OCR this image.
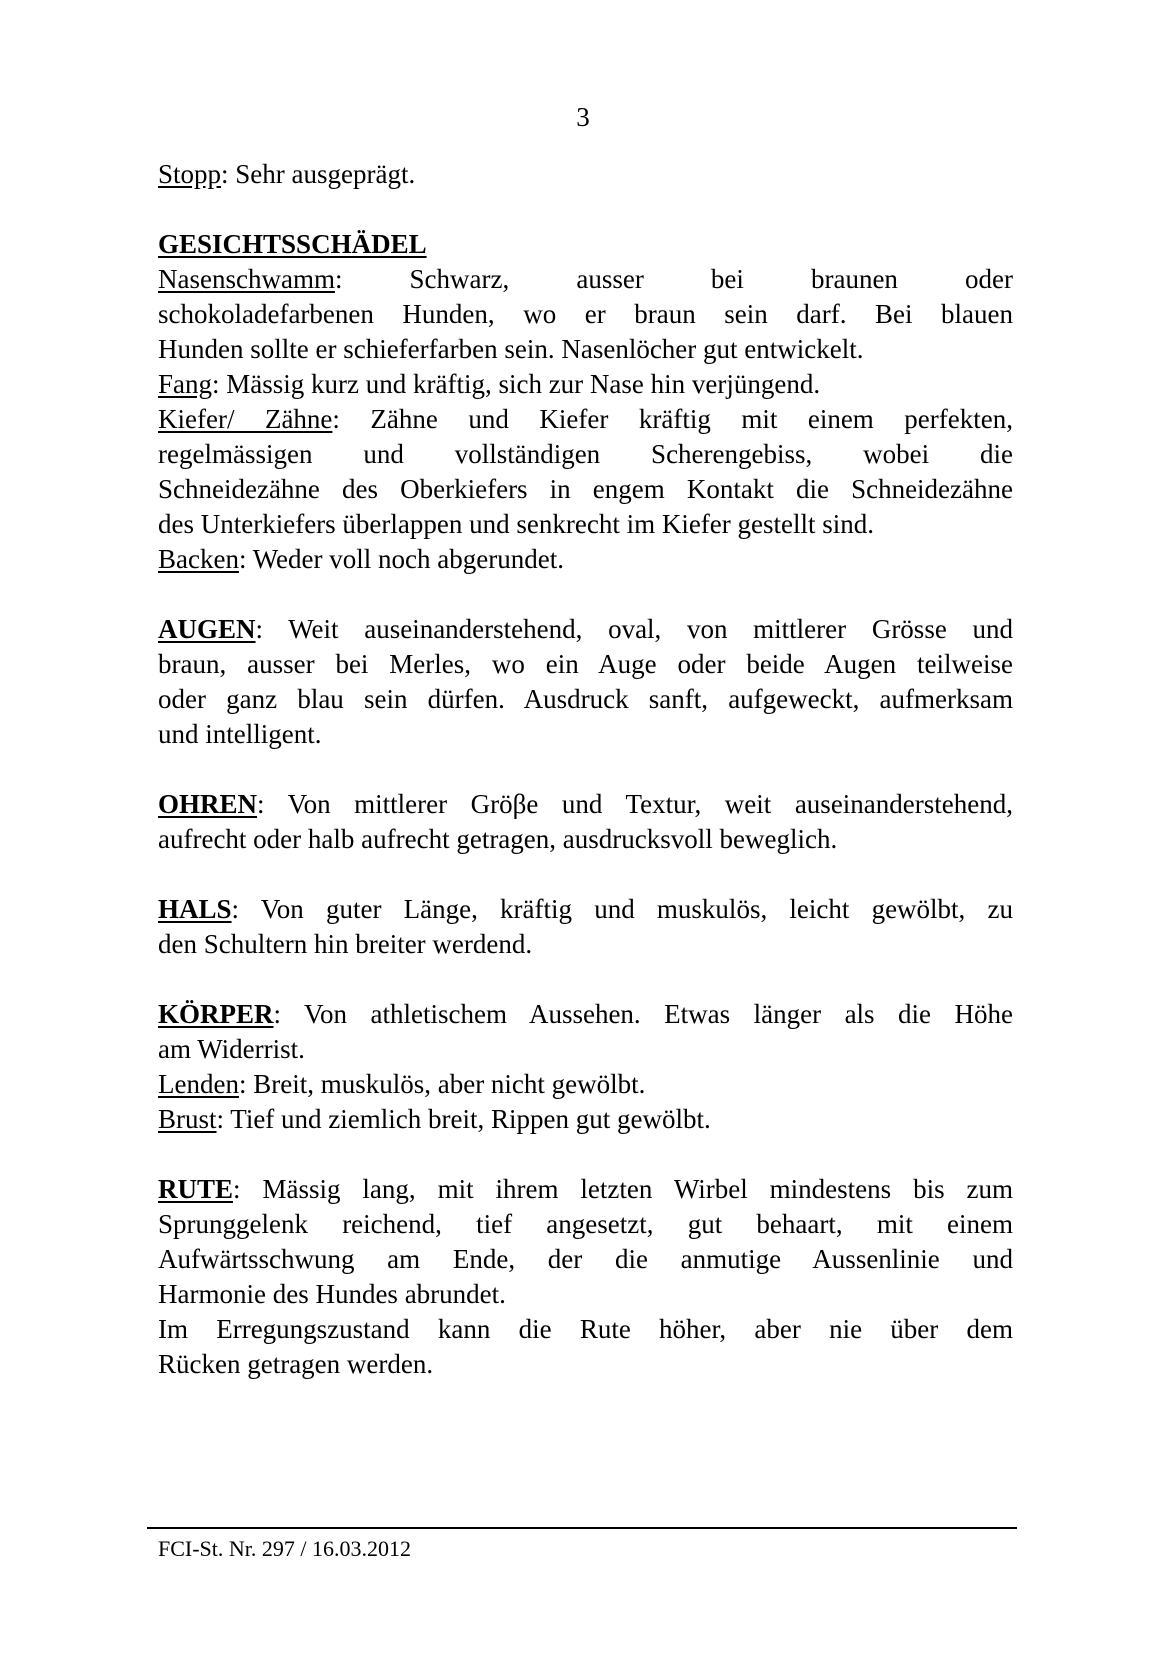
3
Stopp: Sehr ausgeprägt.
GESICHTSSCHÄDEL
Nasenschwamm: Schwarz, ausser bei braunen oder
schokoladefarbenen Hunden, wo er braun sein darf. Bei blauen
Hunden sollte er schieferfarben sein. Nasenlöcher gut entwickelt.
Fang: Mässig kurz und kräftig, sich zur Nase hin verjüngend.
Kiefer/ Zähne: Zähne und Kiefer kräftig mit einem perfekten,
regelmässigen und vollständigen Scherengebiss, wobei die
Schneidezähne des Oberkiefers in engem Kontakt die Schneidezähne
des Unterkiefers überlappen und senkrecht im Kiefer gestellt sind.
Backen: Weder voll noch abgerundet.
AUGEN: Weit auseinanderstehend, oval, von mittlerer Grösse und
braun, ausser bei Merles, wo ein Auge oder beide Augen teilweise
oder ganz blau sein dürfen. Ausdruck sanft, aufgeweckt, aufmerksam
und intelligent.
OHREN: Von mittlerer Gröβe und Textur, weit auseinanderstehend,
aufrecht oder halb aufrecht getragen, ausdrucksvoll beweglich.
HALS: Von guter Länge, kräftig und muskulös, leicht gewölbt, zu
den Schultern hin breiter werdend.
KÖRPER: Von athletischem Aussehen. Etwas länger als die Höhe
am Widerrist.
Lenden: Breit, muskulös, aber nicht gewölbt.
Brust: Tief und ziemlich breit, Rippen gut gewölbt.
RUTE: Mässig lang, mit ihrem letzten Wirbel mindestens bis zum
Sprunggelenk reichend, tief angesetzt, gut behaart, mit einem
Aufwärtsschwung am Ende, der die anmutige Aussenlinie und
Harmonie des Hundes abrundet.
Im Erregungszustand kann die Rute höher, aber nie über dem
Rücken getragen werden.
FCI-St. Nr. 297 / 16.03.2012
